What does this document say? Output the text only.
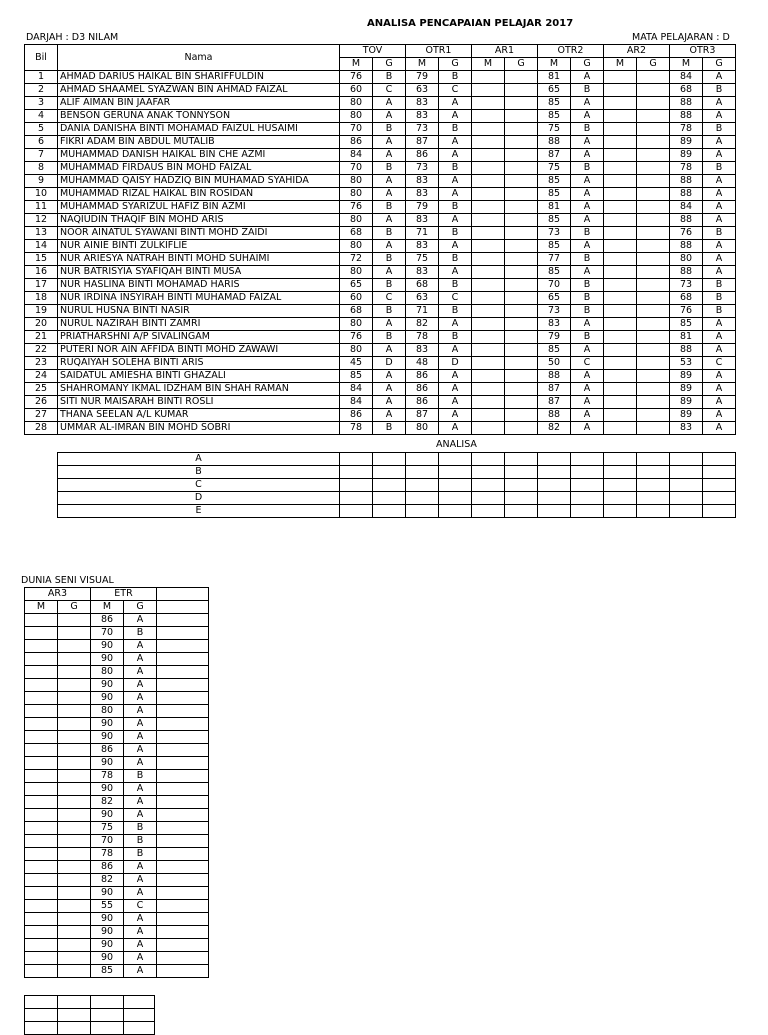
ANALISA PENCAPAIAN PELAJAR 2017
DARJAH : D3 NILAM	MATA PELAJARAN : D
Bil	Nama	TOV		OTR1		AR1		OTR2		AR2		OTR3	
		M	G	M	G	M	G	M	G	M	G	M	G
1	AHMAD DARIUS HAIKAL BIN SHARIFFULDIN	76	B	79	B			81	A			84	A
2	AHMAD SHAAMEL SYAZWAN BIN AHMAD FAIZAL	60	C	63	C			65	B			68	B
3	ALIF AIMAN BIN JAAFAR	80	A	83	A			85	A			88	A
4	BENSON GERUNA ANAK TONNYSON	80	A	83	A			85	A			88	A
5	DANIA DANISHA BINTI MOHAMAD FAIZUL HUSAIMI	70	B	73	B			75	B			78	B
6	FIKRI ADAM BIN ABDUL MUTALIB	86	A	87	A			88	A			89	A
7	MUHAMMAD DANISH HAIKAL BIN CHE AZMI	84	A	86	A			87	A			89	A
8	MUHAMMAD FIRDAUS BIN MOHD FAIZAL	70	B	73	B			75	B			78	B
9	MUHAMMAD QAISY HADZIQ BIN MUHAMAD SYAHIDA	80	A	83	A			85	A			88	A
10	MUHAMMAD RIZAL HAIKAL BIN ROSIDAN	80	A	83	A			85	A			88	A
11	MUHAMMAD SYARIZUL HAFIZ BIN AZMI	76	B	79	B			81	A			84	A
12	NAQIUDIN THAQIF BIN MOHD ARIS	80	A	83	A			85	A			88	A
13	NOOR AINATUL SYAWANI BINTI MOHD ZAIDI	68	B	71	B			73	B			76	B
14	NUR AINIE BINTI ZULKIFLIE	80	A	83	A			85	A			88	A
15	NUR ARIESYA NATRAH BINTI MOHD SUHAIMI	72	B	75	B			77	B			80	A
16	NUR BATRISYIA SYAFIQAH BINTI MUSA	80	A	83	A			85	A			88	A
17	NUR HASLINA BINTI MOHAMAD HARIS	65	B	68	B			70	B			73	B
18	NUR IRDINA INSYIRAH BINTI MUHAMAD FAIZAL	60	C	63	C			65	B			68	B
19	NURUL HUSNA BINTI NASIR	68	B	71	B			73	B			76	B
20	NURUL NAZIRAH BINTI ZAMRI	80	A	82	A			83	A			85	A
21	PRIATHARSHNI A/P SIVALINGAM	76	B	78	B			79	B			81	A
22	PUTERI NOR AIN AFFIDA BINTI MOHD ZAWAWI	80	A	83	A			85	A			88	A
23	RUQAIYAH SOLEHA BINTI ARIS	45	D	48	D			50	C			53	C
24	SAIDATUL AMIESHA BINTI GHAZALI	85	A	86	A			88	A			89	A
25	SHAHROMANY IKMAL IDZHAM BIN SHAH RAMAN	84	A	86	A			87	A			89	A
26	SITI NUR MAISARAH BINTI ROSLI	84	A	86	A			87	A			89	A
27	THANA SEELAN A/L KUMAR	86	A	87	A			88	A			89	A
28	UMMAR AL-IMRAN BIN MOHD SOBRI	78	B	80	A			82	A			83	A
ANALISA
A												
B												
C												
D												
E												
DUNIA SENI VISUAL
AR3		ETR		
M	G	M	G	
		86	A	
		70	B	
		90	A	
		90	A	
		80	A	
		90	A	
		90	A	
		80	A	
		90	A	
		90	A	
		86	A	
		90	A	
		78	B	
		90	A	
		82	A	
		90	A	
		75	B	
		70	B	
		78	B	
		86	A	
		82	A	
		90	A	
		55	C	
		90	A	
		90	A	
		90	A	
		90	A	
		85	A	
